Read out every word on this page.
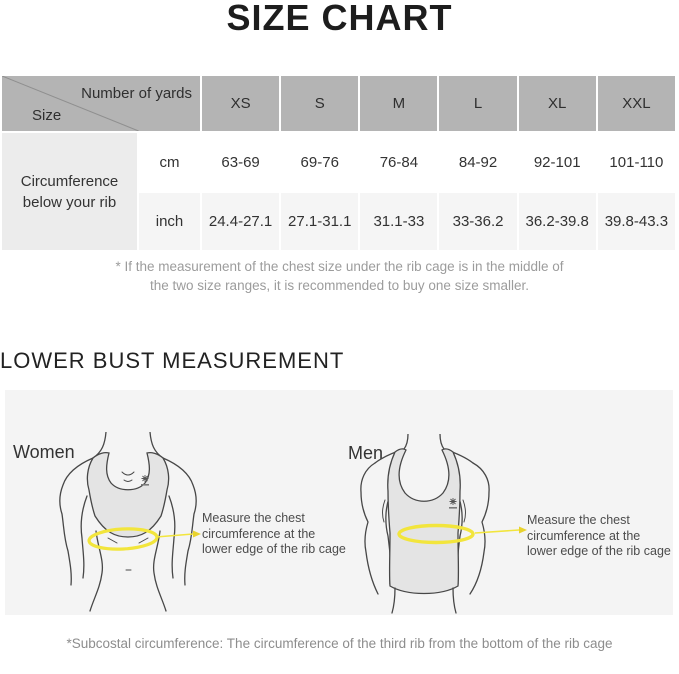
SIZE CHART
Number of yards
Size		XS	S	M	L	XL	XXL

Circumference
below your rib	cm	63-69	69-76	76-84	84-92	92-101	101-110
	inch	24.4-27.1	27.1-31.1	31.1-33	33-36.2	36.2-39.8	39.8-43.3
* If the measurement of the chest size under the rib cage is in the middle of
the two size ranges, it is recommended to buy one size smaller.
LOWER BUST MEASUREMENT
Women	Men
Measure the chest
circumference at the
lower edge of the rib cage
Measure the chest
circumference at the
lower edge of the rib cage
*Subcostal circumference: The circumference of the third rib from the bottom of the rib cage
